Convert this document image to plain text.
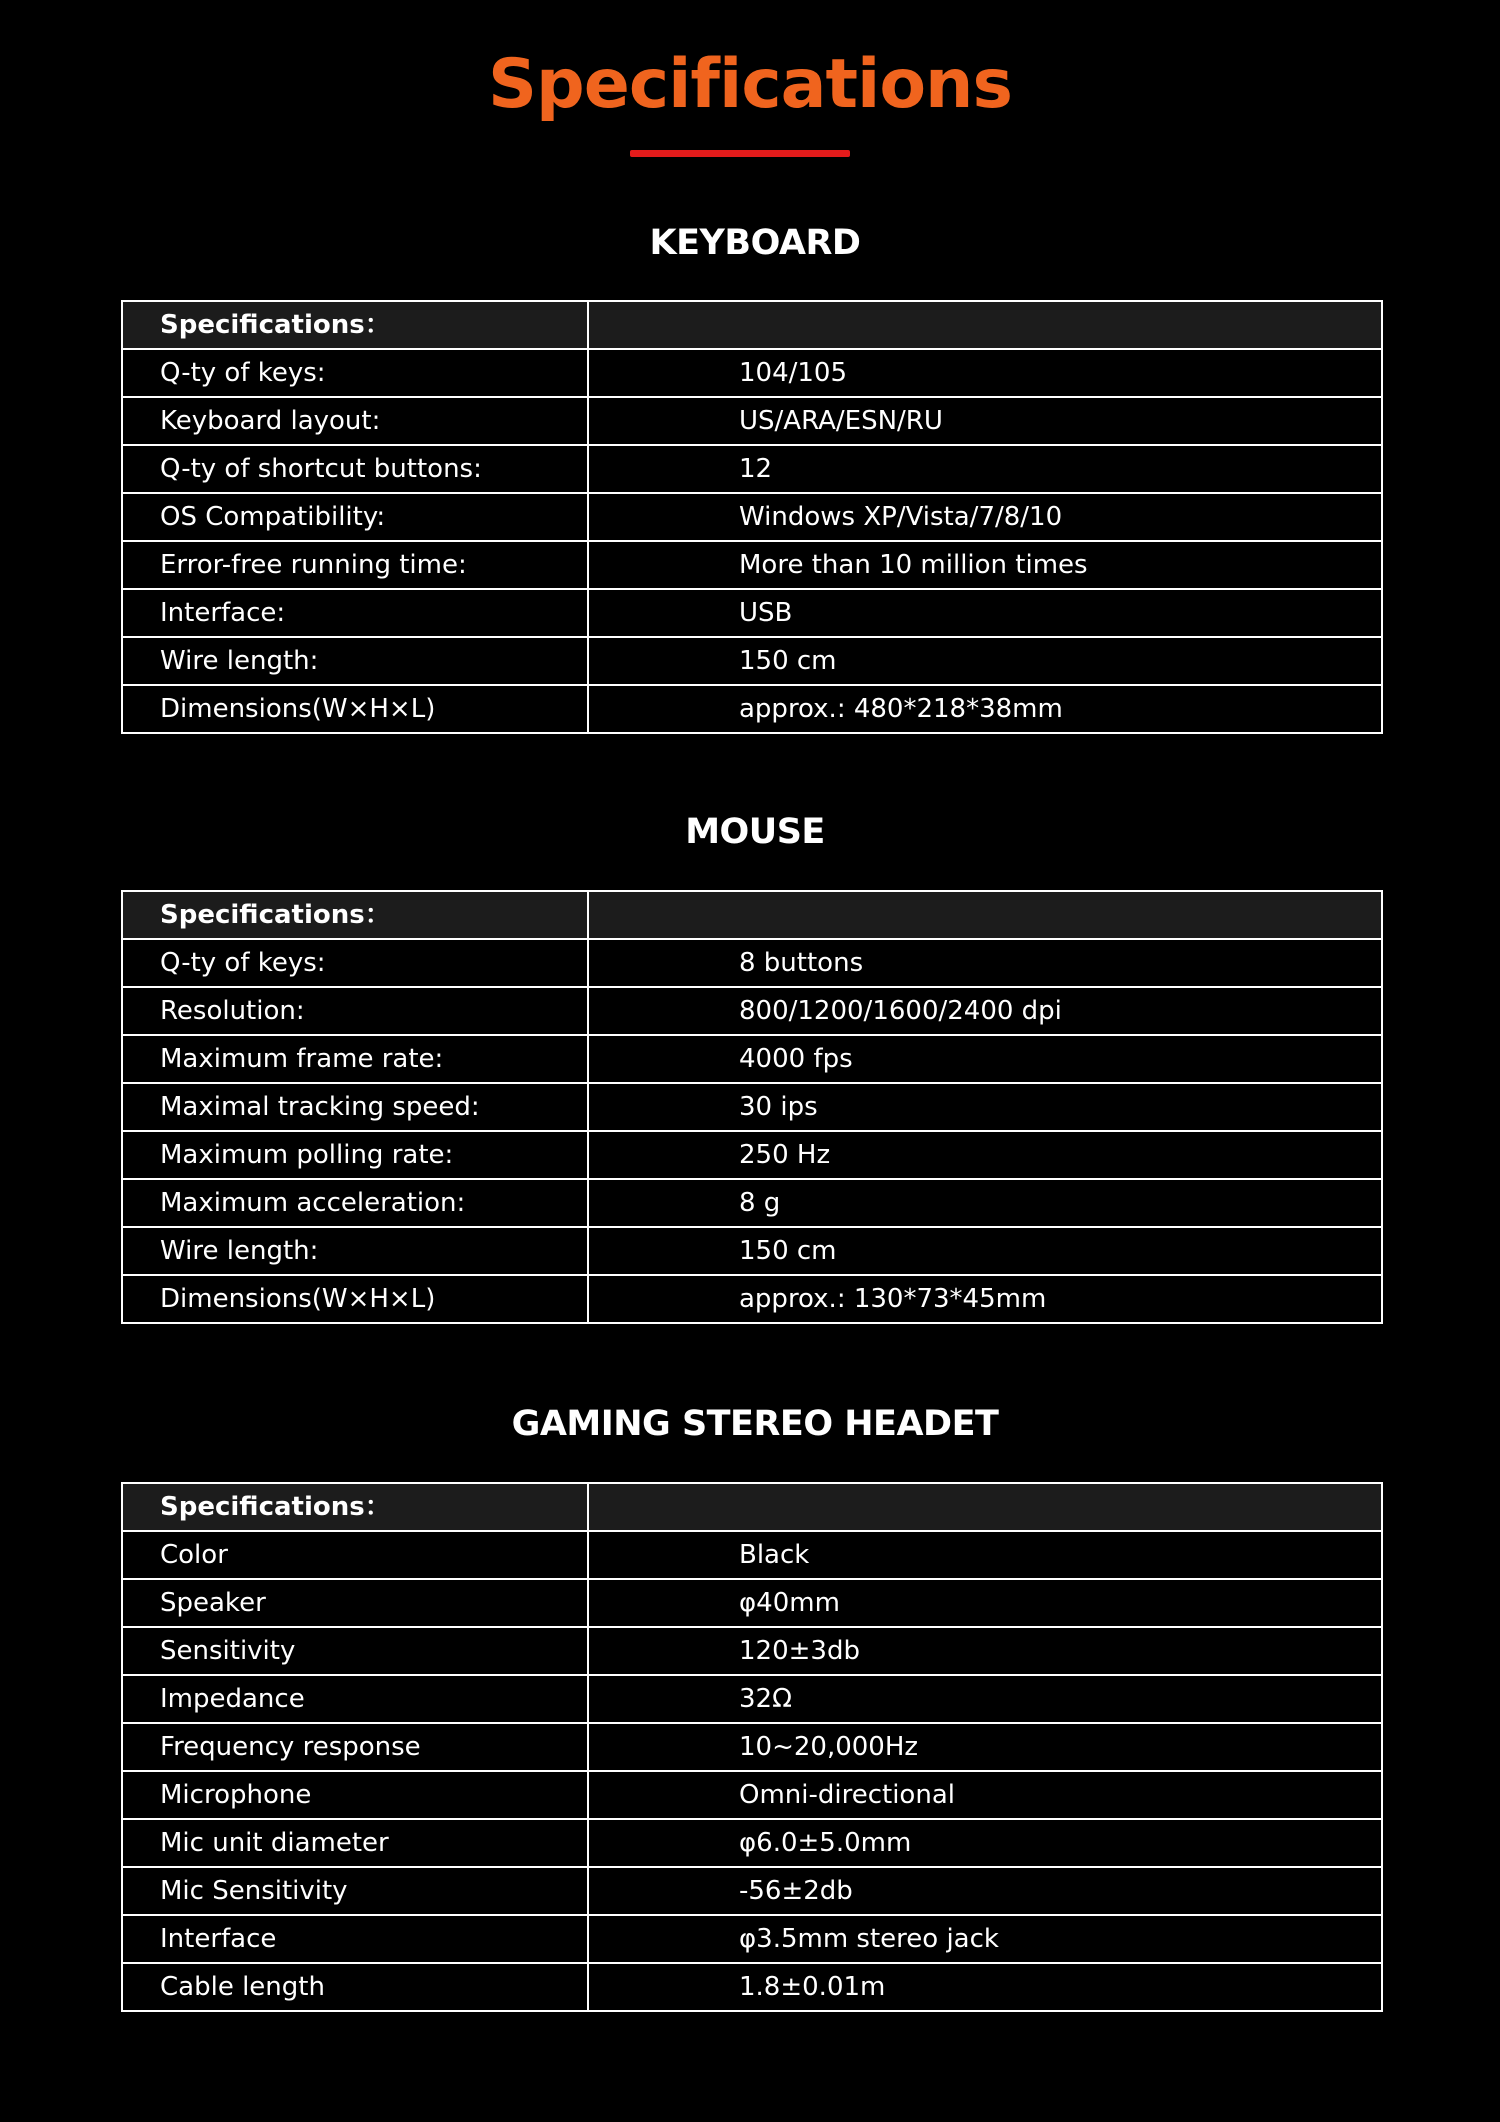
Specifications
KEYBOARD
Specifications：	
Q-ty of keys:	104/105
Keyboard layout:	US/ARA/ESN/RU
Q-ty of shortcut buttons:	12
OS Compatibility:	Windows XP/Vista/7/8/10
Error-free running time:	More than 10 million times
Interface:	USB
Wire length:	150 cm
Dimensions(W×H×L)	approx.: 480*218*38mm
MOUSE
Specifications：	
Q-ty of keys:	8 buttons
Resolution:	800/1200/1600/2400 dpi
Maximum frame rate:	4000 fps
Maximal tracking speed:	30 ips
Maximum polling rate:	250 Hz
Maximum acceleration:	8 g
Wire length:	150 cm
Dimensions(W×H×L)	approx.: 130*73*45mm
GAMING STEREO HEADET
Specifications：	
Color	Black
Speaker	φ40mm
Sensitivity	120±3db
Impedance	32Ω
Frequency response	10~20,000Hz
Microphone	Omni-directional
Mic unit diameter	φ6.0±5.0mm
Mic Sensitivity	-56±2db
Interface	φ3.5mm stereo jack
Cable length	1.8±0.01m
